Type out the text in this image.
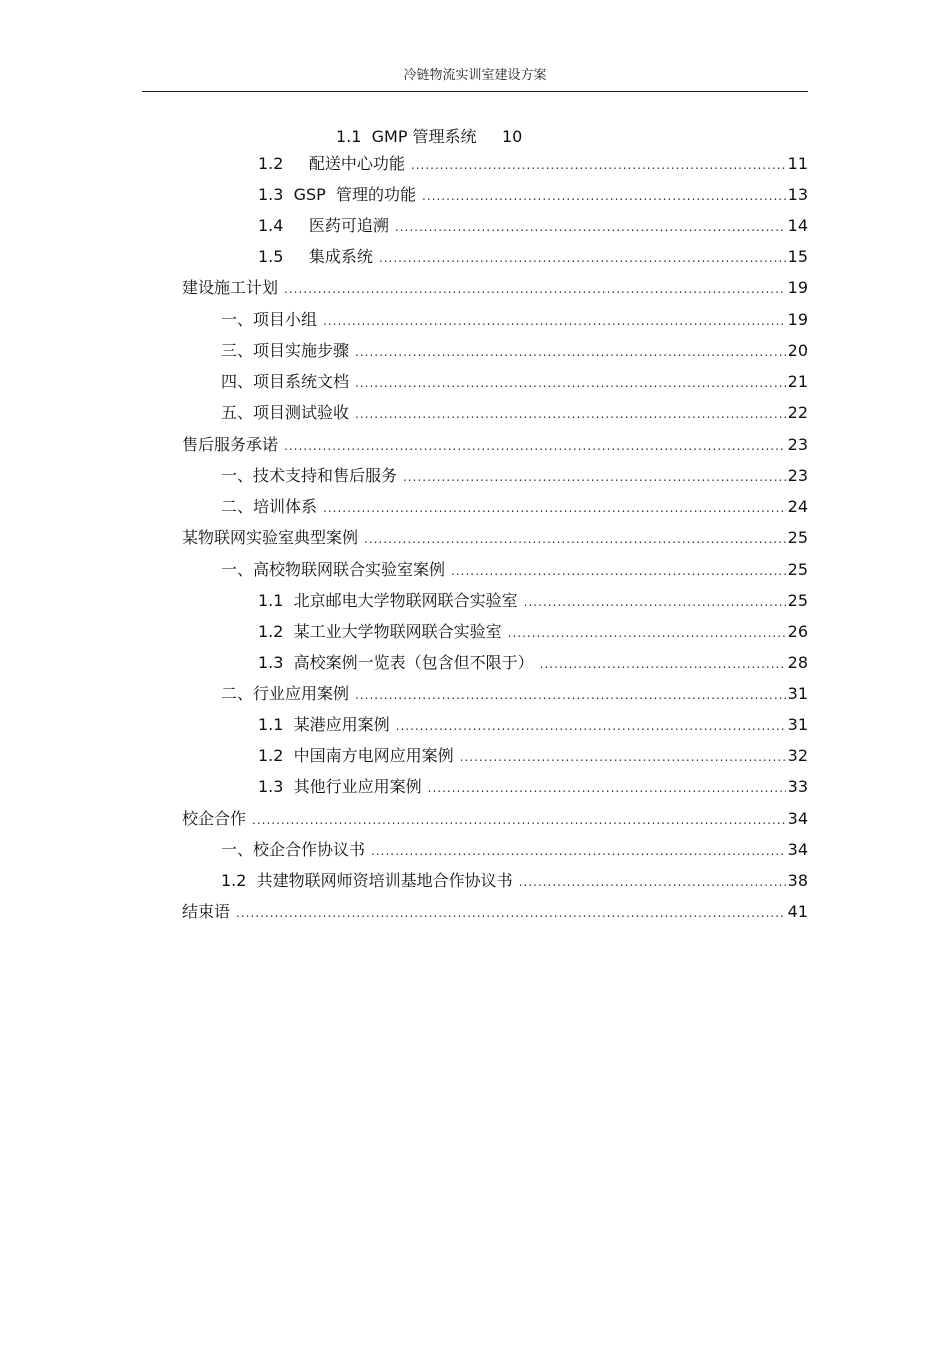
冷链物流实训室建设方案
1.1  GMP 管理系统     10
1.2     配送中心功能 .....	11
1.3  GSP  管理的功能 .....	13
1.4     医药可追溯 .....	14
1.5     集成系统 .....	15
建设施工计划 .....	19
一、项目小组 .....	19
三、项目实施步骤 .....	20
四、项目系统文档 .....	21
五、项目测试验收 .....	22
售后服务承诺 .....	23
一、技术支持和售后服务 .....	23
二、培训体系 .....	24
某物联网实验室典型案例 .....	25
一、高校物联网联合实验室案例 .....	25
1.1  北京邮电大学物联网联合实验室 .....	25
1.2  某工业大学物联网联合实验室 .....	26
1.3  高校案例一览表（包含但不限于） .....	28
二、行业应用案例 .....	31
1.1  某港应用案例 .....	31
1.2  中国南方电网应用案例 .....	32
1.3  其他行业应用案例 .....	33
校企合作 .....	34
一、校企合作协议书 .....	34
1.2  共建物联网师资培训基地合作协议书 .....	38
结束语 .....	41
